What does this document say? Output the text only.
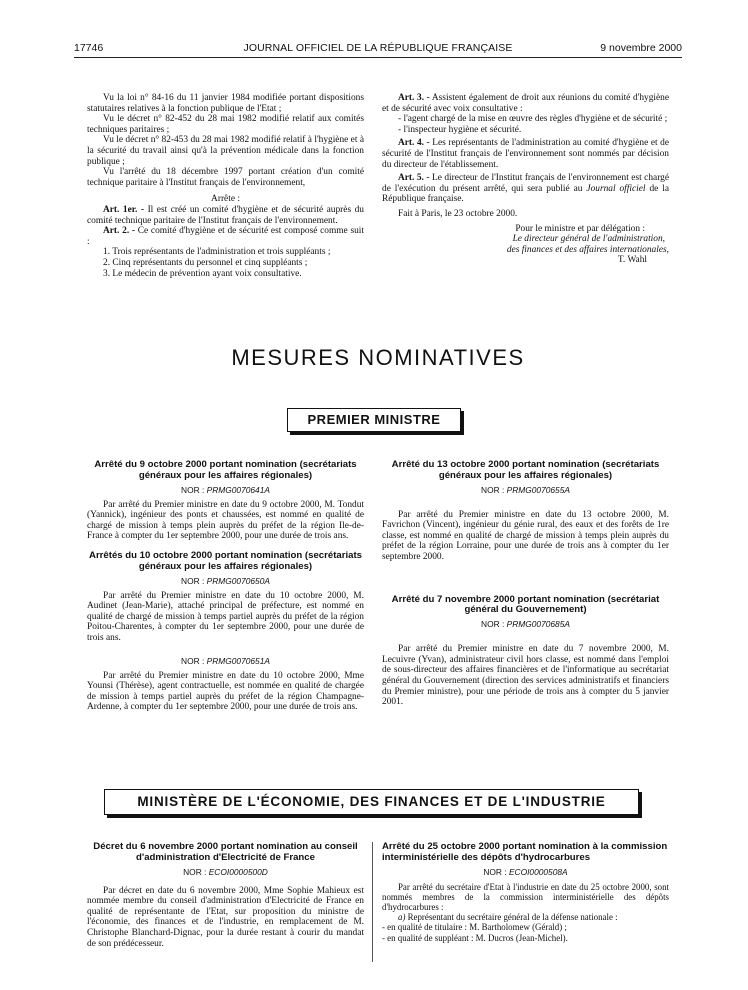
17746	JOURNAL OFFICIEL DE LA RÉPUBLIQUE FRANÇAISE	9 novembre 2000

Vu la loi n° 84-16 du 11 janvier 1984 modifiée portant dispositions statutaires relatives à la fonction publique de l'Etat ;

Vu le décret n° 82-452 du 28 mai 1982 modifié relatif aux comités techniques paritaires ;

Vu le décret n° 82-453 du 28 mai 1982 modifié relatif à l'hygiène et à la sécurité du travail ainsi qu'à la prévention médicale dans la fonction publique ;

Vu l'arrêté du 18 décembre 1997 portant création d'un comité technique paritaire à l'Institut français de l'environnement,

Arrête :

Art. 1er. - Il est créé un comité d'hygiène et de sécurité auprès du comité technique paritaire de l'Institut français de l'environnement.

Art. 2. - Ce comité d'hygiène et de sécurité est composé comme suit :

1. Trois représentants de l'administration et trois suppléants ;

2. Cinq représentants du personnel et cinq suppléants ;

3. Le médecin de prévention ayant voix consultative.

Art. 3. - Assistent également de droit aux réunions du comité d'hygiène et de sécurité avec voix consultative :

- l'agent chargé de la mise en œuvre des règles d'hygiène et de sécurité ;

- l'inspecteur hygiène et sécurité.

Art. 4. - Les représentants de l'administration au comité d'hygiène et de sécurité de l'Institut français de l'environnement sont nommés par décision du directeur de l'établissement.

Art. 5. - Le directeur de l'Institut français de l'environnement est chargé de l'exécution du présent arrêté, qui sera publié au Journal officiel de la République française.

Fait à Paris, le 23 octobre 2000.

Pour le ministre et par délégation :

Le directeur général de l'administration,

des finances et des affaires internationales,

T. Wahl

MESURES NOMINATIVES
PREMIER MINISTRE
Arrêté du 9 octobre 2000 portant nomination (secrétariats généraux pour les affaires régionales)
NOR : PRMG0070641A

Par arrêté du Premier ministre en date du 9 octobre 2000, M. Tondut (Yannick), ingénieur des ponts et chaussées, est nommé en qualité de chargé de mission à temps plein auprès du préfet de la région Ile-de-France à compter du 1er septembre 2000, pour une durée de trois ans.

Arrêtés du 10 octobre 2000 portant nomination (secrétariats généraux pour les affaires régionales)
NOR : PRMG0070650A

Par arrêté du Premier ministre en date du 10 octobre 2000, M. Audinet (Jean-Marie), attaché principal de préfecture, est nommé en qualité de chargé de mission à temps partiel auprès du préfet de la région Poitou-Charentes, à compter du 1er septembre 2000, pour une durée de trois ans.

NOR : PRMG0070651A

Par arrêté du Premier ministre en date du 10 octobre 2000, Mme Younsi (Thérèse), agent contractuelle, est nommée en qualité de chargée de mission à temps partiel auprès du préfet de la région Champagne-Ardenne, à compter du 1er septembre 2000, pour une durée de trois ans.

Arrêté du 13 octobre 2000 portant nomination (secrétariats généraux pour les affaires régionales)
NOR : PRMG0070655A

Par arrêté du Premier ministre en date du 13 octobre 2000, M. Favrichon (Vincent), ingénieur du génie rural, des eaux et des forêts de 1re classe, est nommé en qualité de chargé de mission à temps plein auprès du préfet de la région Lorraine, pour une durée de trois ans à compter du 1er septembre 2000.

Arrêté du 7 novembre 2000 portant nomination (secrétariat général du Gouvernement)
NOR : PRMG0070685A

Par arrêté du Premier ministre en date du 7 novembre 2000, M. Lecuivre (Yvan), administrateur civil hors classe, est nommé dans l'emploi de sous-directeur des affaires financières et de l'informatique au secrétariat général du Gouvernement (direction des services administratifs et financiers du Premier ministre), pour une période de trois ans à compter du 5 janvier 2001.

MINISTÈRE DE L'ÉCONOMIE, DES FINANCES ET DE L'INDUSTRIE
Décret du 6 novembre 2000 portant nomination au conseil d'administration d'Electricité de France
NOR : ECOI0000500D

Par décret en date du 6 novembre 2000, Mme Sophie Mahieux est nommée membre du conseil d'administration d'Electricité de France en qualité de représentante de l'Etat, sur proposition du ministre de l'économie, des finances et de l'industrie, en remplacement de M. Christophe Blanchard-Dignac, pour la durée restant à courir du mandat de son prédécesseur.

Arrêté du 25 octobre 2000 portant nomination à la commission interministérielle des dépôts d'hydrocarbures
NOR : ECOI0000508A

Par arrêté du secrétaire d'Etat à l'industrie en date du 25 octobre 2000, sont nommés membres de la commission interministérielle des dépôts d'hydrocarbures :

a) Représentant du secrétaire général de la défense nationale :

- en qualité de titulaire : M. Bartholomew (Gérald) ;

- en qualité de suppléant : M. Ducros (Jean-Michel).
